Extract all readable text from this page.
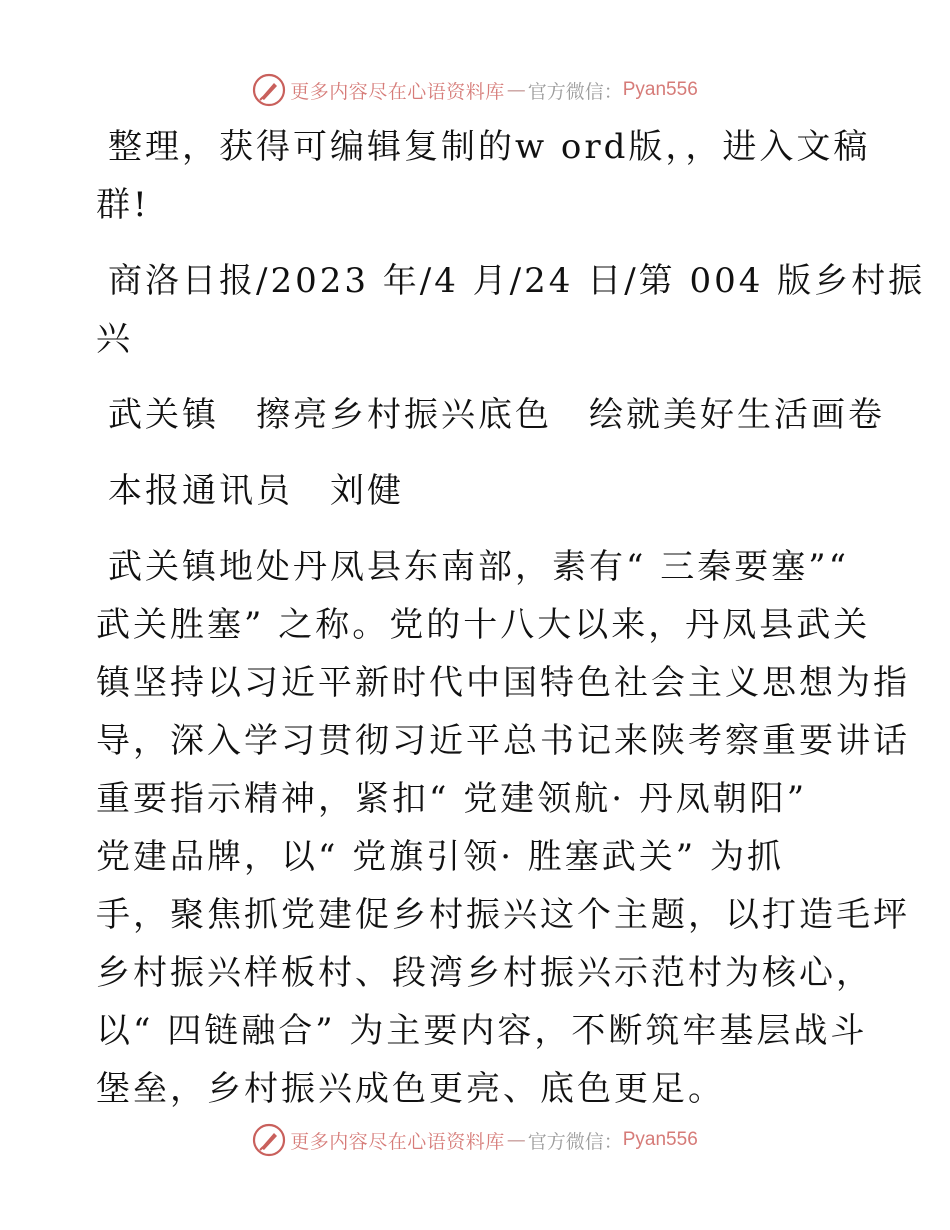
更多内容尽在心语资料库 — 官方微信： Pyan556

整理，获得可编辑复制的w ord版，，进入文稿
群!

商洛日报/2023 年/4 月/24 日/第 004 版乡村振
兴

武关镇　擦亮乡村振兴底色　绘就美好生活画卷

本报通讯员　刘健

武关镇地处丹凤县东南部，素有“ 三秦要塞”“
武关胜塞” 之称。党的十八大以来，丹凤县武关
镇坚持以习近平新时代中国特色社会主义思想为指
导，深入学习贯彻习近平总书记来陕考察重要讲话
重要指示精神，紧扣“ 党建领航· 丹凤朝阳”
党建品牌，以“ 党旗引领· 胜塞武关” 为抓
手，聚焦抓党建促乡村振兴这个主题，以打造毛坪
乡村振兴样板村、段湾乡村振兴示范村为核心，
以“ 四链融合” 为主要内容，不断筑牢基层战斗
堡垒，乡村振兴成色更亮、底色更足。

更多内容尽在心语资料库 — 官方微信： Pyan556
